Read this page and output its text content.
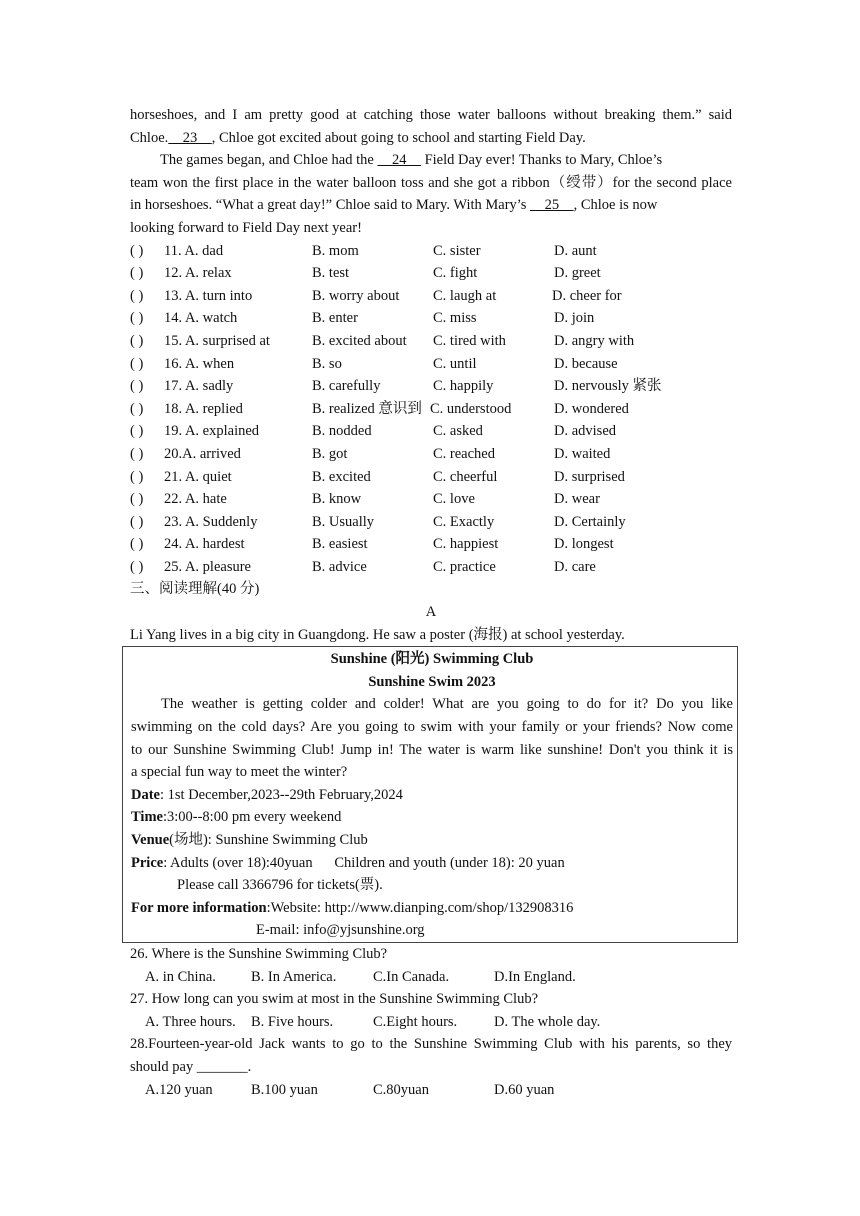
horseshoes, and I am pretty good at catching those water balloons without breaking them.” said
Chloe.    23    , Chloe got excited about going to school and starting Field Day.
The games began, and Chloe had the     24     Field Day ever! Thanks to Mary, Chloe’s
team won the first place in the water balloon toss and she got a ribbon（绶带）for the second place
in horseshoes. “What a great day!” Chloe said to Mary. With Mary’s     25    , Chloe is now
looking forward to Field Day next year!
( ) 11. A. dad	B. mom	C. sister	D. aunt
( ) 12. A. relax	B. test	C. fight	D. greet
( ) 13. A. turn into	B. worry about C. laugh at	D. cheer for
( ) 14. A. watch	B. enter	C. miss	D. join
( ) 15. A. surprised at	B. excited about C. tired with	D. angry with
( ) 16. A. when	B. so	C. until	D. because
( ) 17. A. sadly	B. carefully	C. happily	D. nervously 紧张
( ) 18. A. replied	B. realized 意识到 C. understood	D. wondered
( ) 19. A. explained	B. nodded	C. asked	D. advised
( ) 20.A. arrived	B. got	C. reached	D. waited
( ) 21. A. quiet	B. excited	C. cheerful	D. surprised
( ) 22. A. hate	B. know	C. love	D. wear
( ) 23. A. Suddenly	B. Usually	C. Exactly	D. Certainly
( ) 24. A. hardest	B. easiest	C. happiest	D. longest
( ) 25. A. pleasure	B. advice	C. practice	D. care
三、阅读理解(40 分)
A
Li Yang lives in a big city in Guangdong. He saw a poster (海报) at school yesterday.
Sunshine (阳光) Swimming Club
Sunshine Swim 2023
The weather is getting colder and colder! What are you going to do for it? Do you like
swimming on the cold days? Are you going to swim with your family or your friends? Now come
to our Sunshine Swimming Club! Jump in! The water is warm like sunshine! Don't you think it is
a special fun way to meet the winter?
Date: 1st December,2023--29th February,2024
Time:3:00--8:00 pm every weekend
Venue(场地): Sunshine Swimming Club
Price: Adults (over 18):40yuan      Children and youth (under 18): 20 yuan
Please call 3366796 for tickets(票).
For more information:Website: http://www.dianping.com/shop/132908316
E-mail: info@yjsunshine.org
26. Where is the Sunshine Swimming Club?
A. in China. B. In America.	C.In Canada.	D.In England.
27. How long can you swim at most in the Sunshine Swimming Club?
A. Three hours. B. Five hours.	C.Eight hours.	D. The whole day.
28.Fourteen-year-old Jack wants to go to the Sunshine Swimming Club with his parents, so they
should pay _______.
A.120 yuan	B.100 yuan	C.80yuan	D.60 yuan
